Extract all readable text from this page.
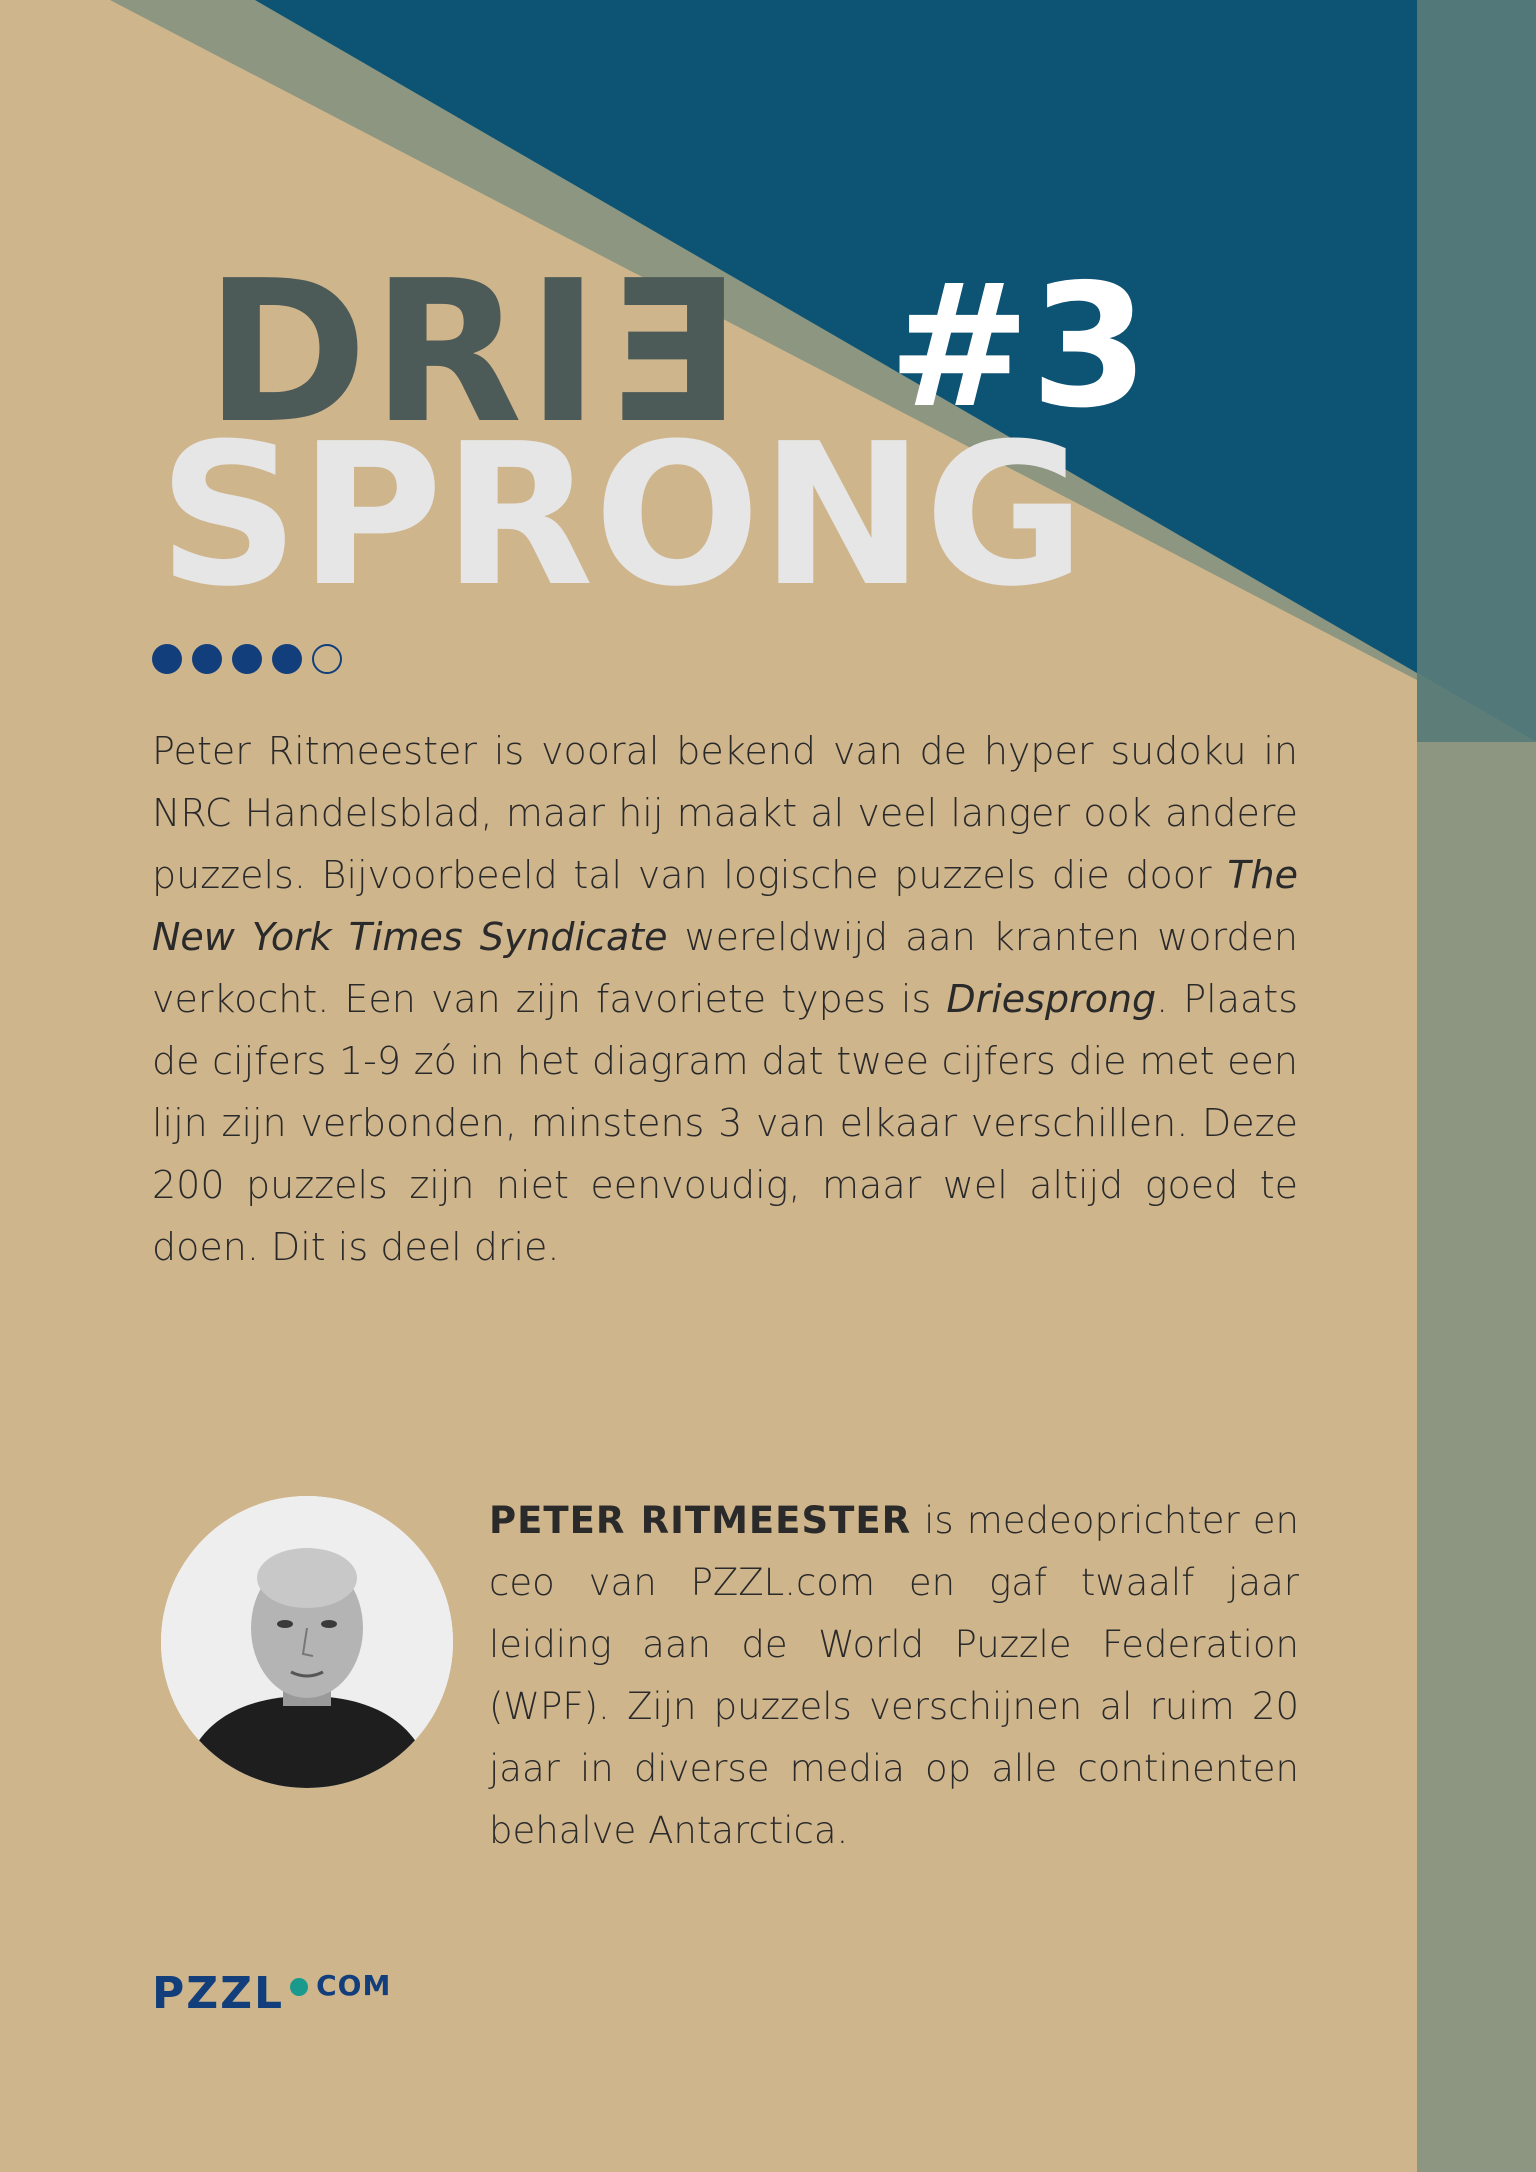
DRIE #3
SPRONG

Peter Ritmeester is vooral bekend van de hyper sudoku in NRC Handelsblad, maar hij maakt al veel langer ook andere puzzels. Bijvoorbeeld tal van logische puzzels die door The New York Times Syndicate wereldwijd aan kranten worden verkocht. Een van zijn favoriete types is Driesprong. Plaats de cijfers 1-9 zó in het diagram dat twee cijfers die met een lijn zijn verbonden, minstens 3 van elkaar verschillen. Deze 200 puzzels zijn niet eenvoudig, maar wel altijd goed te doen. Dit is deel drie.

PETER RITMEESTER is medeoprichter en ceo van PZZL.com en gaf twaalf jaar leiding aan de World Puzzle Federation (WPF). Zijn puzzels verschijnen al ruim 20 jaar in diverse media op alle continenten behalve Antarctica.

PZZL COM
